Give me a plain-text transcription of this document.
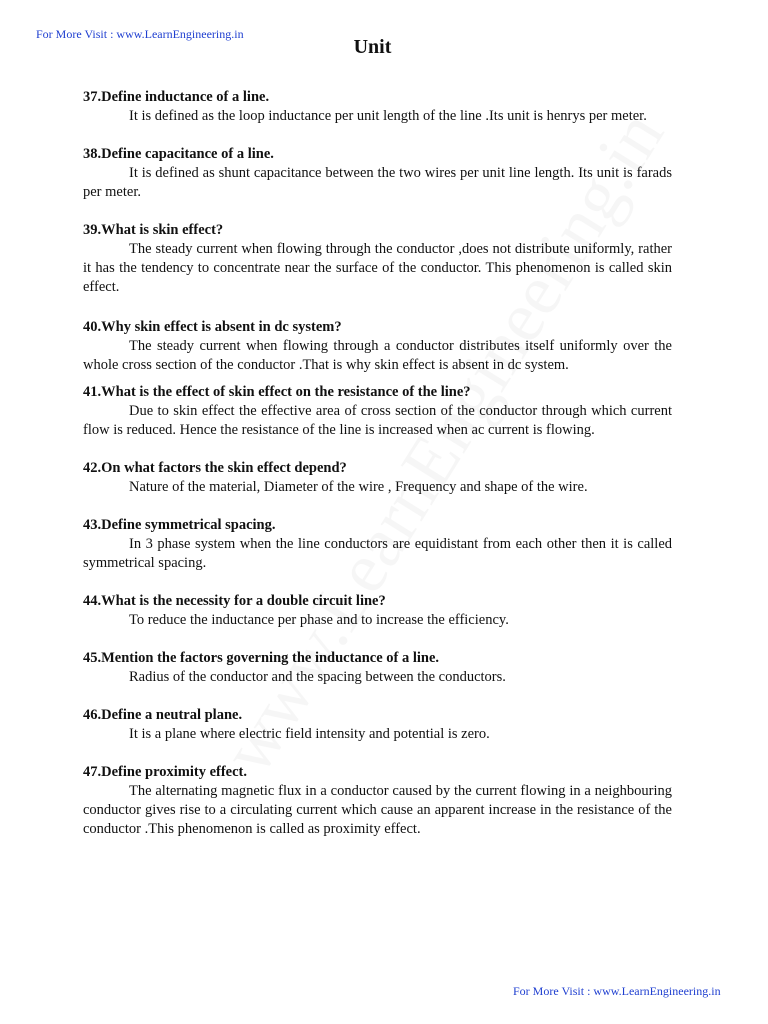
For More Visit : www.LearnEngineering.in
Unit

37.Define inductance of a line.

It is defined as the loop inductance per unit length of the line .Its unit is henrys per meter.

38.Define capacitance of a line.

It is defined as shunt capacitance between the two wires per unit line length. Its unit is farads per meter.

39.What is skin effect?

The steady current when flowing through the conductor ,does not distribute uniformly, rather it has the tendency to concentrate near the surface of the conductor. This phenomenon is called skin effect.

40.Why skin effect is absent in dc system?

The steady current when flowing through a conductor distributes itself uniformly over the whole cross section of the conductor .That is why skin effect is absent in dc system.

41.What is the effect of skin effect on the resistance of the line?

Due to skin effect the effective area of cross section of the conductor through which current flow is reduced. Hence the resistance of the line is increased when ac current is flowing.

42.On what factors the skin effect depend?

Nature of the material, Diameter of the wire , Frequency and shape of the wire.

43.Define symmetrical spacing.

In 3 phase system when the line conductors are equidistant from each other then it is called symmetrical spacing.

44.What is the necessity for a double circuit line?

To reduce the inductance per phase and to increase the efficiency.

45.Mention the factors governing the inductance of a line.

Radius of the conductor and the spacing between the conductors.

46.Define a neutral plane.

It is a plane where electric field intensity and potential is zero.

47.Define proximity effect.

The alternating magnetic flux in a conductor caused by the current flowing in a neighbouring conductor gives rise to a circulating current which cause an apparent increase in the resistance of the conductor .This phenomenon is called as proximity effect.

For More Visit : www.LearnEngineering.in
